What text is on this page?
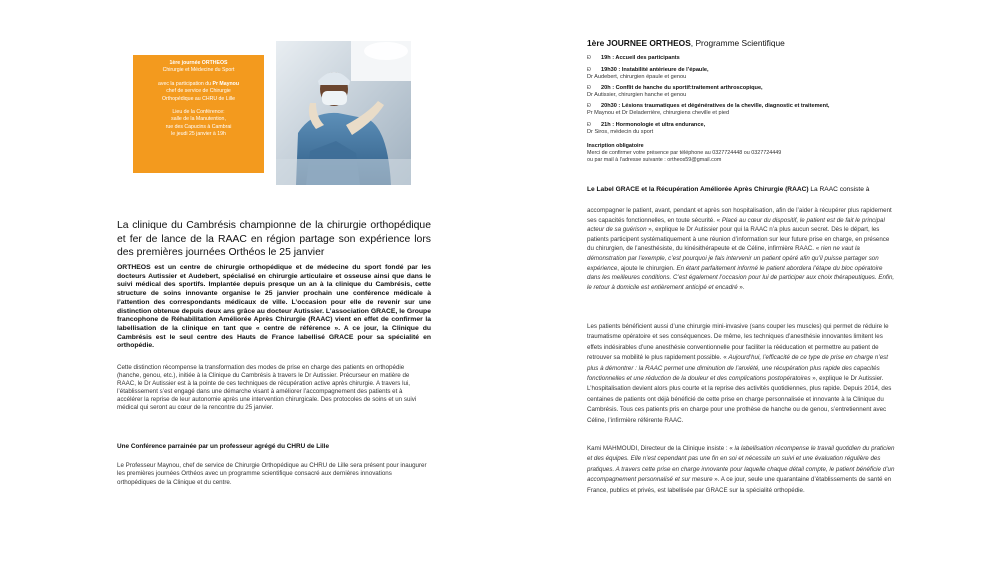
1ère journée ORTHEOS
Chirurgie et Médecine du Sport
avec la participation du Pr Maynou
chef de service de Chirurgie
Orthopédique au CHRU de Lille
Lieu de la Conférence:
salle de la Manutention,
rue des Capucins à Cambrai
le jeudi 25 janvier à 19h
La clinique du Cambrésis championne de la chirurgie orthopédique et fer de lance de la RAAC en région partage son expérience lors des premières journées Orthéos le 25 janvier
ORTHEOS est un centre de chirurgie orthopédique et de médecine du sport fondé par les docteurs Autissier et Audebert, spécialisé en chirurgie articulaire et osseuse ainsi que dans le suivi médical des sportifs. Implantée depuis presque un an à la clinique du Cambrésis, cette structure de soins innovante organise le 25 janvier prochain une conférence médicale à l’attention des correspondants médicaux de ville. L’occasion pour elle de revenir sur une distinction obtenue depuis deux ans grâce au docteur Autissier. L’association GRACE, le Groupe francophone de Réhabilitation Améliorée Après Chirurgie (RAAC) vient en effet de confirmer la labellisation de la clinique en tant que « centre de référence ». A ce jour, la Clinique du Cambrésis est le seul centre des Hauts de France labellisé GRACE pour sa spécialité en orthopédie.
Cette distinction récompense la transformation des modes de prise en charge des patients en orthopédie (hanche, genou, etc.), initiée à la Clinique du Cambrésis à travers le Dr Autissier. Précurseur en matière de RAAC, le Dr Autissier est à la pointe de ces techniques de récupération active après chirurgie. A travers lui, l’établissement s’est engagé dans une démarche visant à améliorer l’accompagnement des patients et à accélérer la reprise de leur autonomie après une intervention chirurgicale. Des protocoles de soins et un suivi médical qui seront au cœur de la rencontre du 25 janvier.
Une Conférence parrainée par un professeur agrégé du CHRU de Lille
Le Professeur Maynou, chef de service de Chirurgie Orthopédique au CHRU de Lille sera présent pour inaugurer les premières journées Orthéos avec un programme scientifique consacré aux dernières innovations orthopédiques de la Clinique et du centre.
1ère JOURNEE ORTHEOS, Programme Scientifique
Ð	19h : Accueil des participants
Ð	19h30 : Instabilité antérieure de l’épaule,
Dr Audebert, chirurgien épaule et genou
Ð	20h : Conflit de hanche du sportif:traitement arthroscopique,
Dr Autissier, chirurgien hanche et genou
Ð	20h30 : Lésions traumatiques et dégénératives de la cheville, diagnostic et traitement,
Pr Maynou et Dr Deladerrière, chirurgiens cheville et pied
Ð	21h : Hormonologie et ultra endurance,
Dr Siros, médecin du sport
Inscription obligatoire
Merci de confirmer votre présence par téléphone au 0327724448 ou 0327724449
ou par mail à l’adresse suivante : ortheos59@gmail.com
Le Label GRACE et la Récupération Améliorée Après Chirurgie (RAAC) La RAAC consiste à
accompagner le patient, avant, pendant et après son hospitalisation, afin de l’aider à récupérer plus rapidement ses capacités fonctionnelles, en toute sécurité. « Placé au cœur du dispositif, le patient est de fait le principal acteur de sa guérison », explique le Dr Autissier pour qui la RAAC n’a plus aucun secret. Dès le départ, les patients participent systématiquement à une réunion d’information sur leur future prise en charge, en présence du chirurgien, de l’anesthésiste, du kinésithérapeute et de Céline, infirmière RAAC. « rien ne vaut la démonstration par l’exemple, c’est pourquoi je fais intervenir un patient opéré afin qu’il puisse partager son expérience, ajoute le chirurgien. En étant parfaitement informé le patient abordera l’étape du bloc opératoire dans les meilleures conditions. C’est également l’occasion pour lui de participer aux choix thérapeutiques. Enfin, le retour à domicile est entièrement anticipé et encadré ».
Les patients bénéficient aussi d’une chirurgie mini-invasive (sans couper les muscles) qui permet de réduire le traumatisme opératoire et ses conséquences. De même, les techniques d’anesthésie innovantes limitent les effets indésirables d’une anesthésie conventionnelle pour faciliter la rééducation et permettre au patient de retrouver sa mobilité le plus rapidement possible. « Aujourd’hui, l’efficacité de ce type de prise en charge n’est plus à démontrer : la RAAC permet une diminution de l’anxiété, une récupération plus rapide des capacités fonctionnelles et une réduction de la douleur et des complications postopératoires », explique le Dr Autissier. L’hospitalisation devient alors plus courte et la reprise des activités quotidiennes, plus rapide. Depuis 2014, des centaines de patients ont déjà bénéficié de cette prise en charge personnalisée et innovante à la Clinique du Cambrésis. Tous ces patients pris en charge pour une prothèse de hanche ou de genou, s’entretiennent avec Céline, l’infirmière référente RAAC.
Kami MAHMOUDI, Directeur de la Clinique insiste : « la labellisation récompense le travail quotidien du praticien et des équipes. Elle n’est cependant pas une fin en soi et nécessite un suivi et une évaluation régulière des pratiques. A travers cette prise en charge innovante pour laquelle chaque détail compte, le patient bénéficie d’un accompagnement personnalisé et sur mesure ». A ce jour, seule une quarantaine d’établissements de santé en France, publics et privés, est labellisée par GRACE sur la spécialité orthopédie.
